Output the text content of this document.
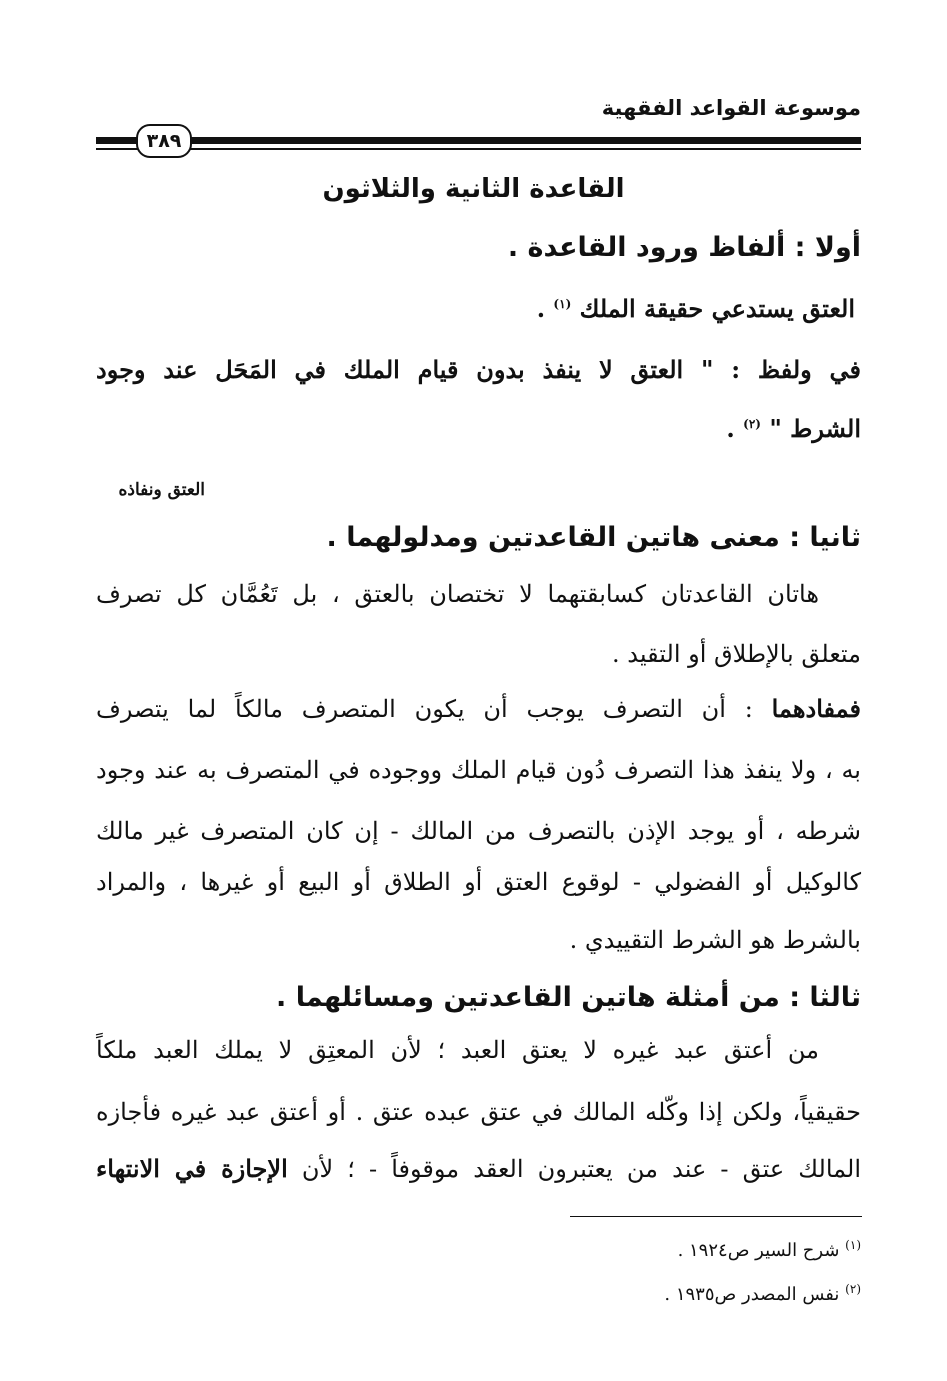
موسوعة القواعد الفقهية
٣٨٩
القاعدة الثانية والثلاثون
أولا : ألفاظ ورود القاعدة .
العتق يستدعي حقيقة الملك $^{(١)}$ .
في ولفظ : " العتق لا ينفذ بدون قيام الملك في المَحَل عند وجود
الشرط " $^{(٢)}$ .
العتق ونفاذه
ثانيا : معنى هاتين القاعدتين ومدلولهما .
هاتان القاعدتان كسابقتهما لا تختصان بالعتق ، بل تَعُمَّان كل تصرف
متعلق بالإطلاق أو التقيد .
فمفادهما : أن التصرف يوجب أن يكون المتصرف مالكاً لما يتصرف
به ، ولا ينفذ هذا التصرف دُون قيام الملك ووجوده في المتصرف به عند وجود
شرطه ، أو يوجد الإذن بالتصرف من المالك - إن كان المتصرف غير مالك
كالوكيل أو الفضولي - لوقوع العتق أو الطلاق أو البيع أو غيرها ، والمراد
بالشرط هو الشرط التقييدي .
ثالثا : من أمثلة هاتين القاعدتين ومسائلهما .
من أعتق عبد غيره لا يعتق العبد ؛ لأن المعتِق لا يملك العبد ملكاً
حقيقياً، ولكن إذا وكّله المالك في عتق عبده عتق . أو أعتق عبد غيره فأجازه
المالك عتق - عند من يعتبرون العقد موقوفاً - ؛ لأن الإجازة في الانتهاء
$^{(١)}$ شرح السير ص١٩٢٤ .
$^{(٢)}$ نفس المصدر ص١٩٣٥ .
